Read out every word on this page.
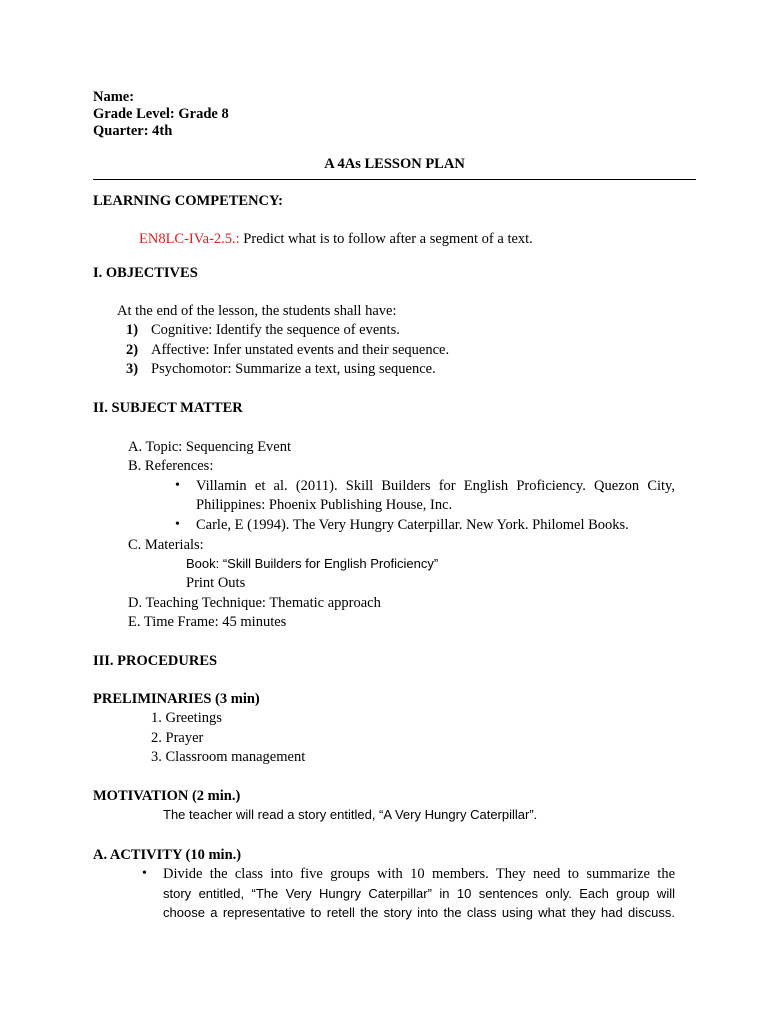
Name:
Grade Level: Grade 8
Quarter: 4th
A 4As LESSON PLAN
LEARNING COMPETENCY:
EN8LC-IVa-2.5.: Predict what is to follow after a segment of a text.
I. OBJECTIVES
At the end of the lesson, the students shall have:
1) Cognitive: Identify the sequence of events.
2) Affective: Infer unstated events and their sequence.
3) Psychomotor: Summarize a text, using sequence.
II. SUBJECT MATTER
A. Topic: Sequencing Event
B. References:
• Villamin et al. (2011). Skill Builders for English Proficiency. Quezon City,
Philippines: Phoenix Publishing House, Inc.
• Carle, E (1994). The Very Hungry Caterpillar. New York. Philomel Books.
C. Materials:
Book: “Skill Builders for English Proficiency”
Print Outs
D. Teaching Technique: Thematic approach
E. Time Frame: 45 minutes
III. PROCEDURES
PRELIMINARIES (3 min)
1. Greetings
2. Prayer
3. Classroom management
MOTIVATION (2 min.)
The teacher will read a story entitled, “A Very Hungry Caterpillar”.
A. ACTIVITY (10 min.)
• Divide the class into five groups with 10 members. They need to summarize the
story entitled, “The Very Hungry Caterpillar” in 10 sentences only. Each group will
choose a representative to retell the story into the class using what they had discuss.
